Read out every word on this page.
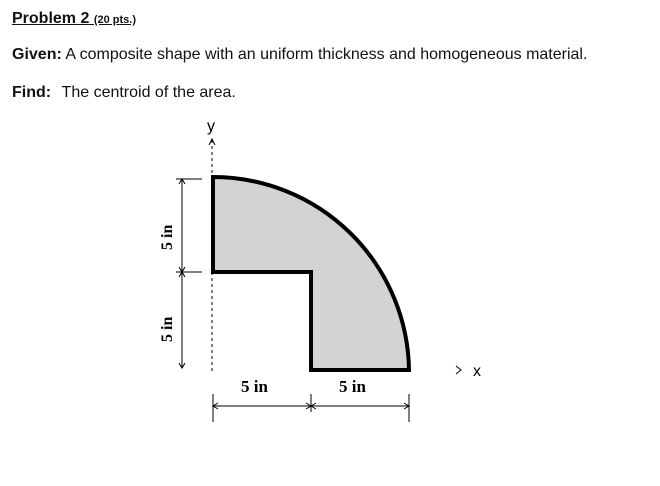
Problem 2 (20 pts.)
Given: A composite shape with an uniform thickness and homogeneous material.
Find: The centroid of the area.
y
x
5 in
5 in
5 in	5 in
